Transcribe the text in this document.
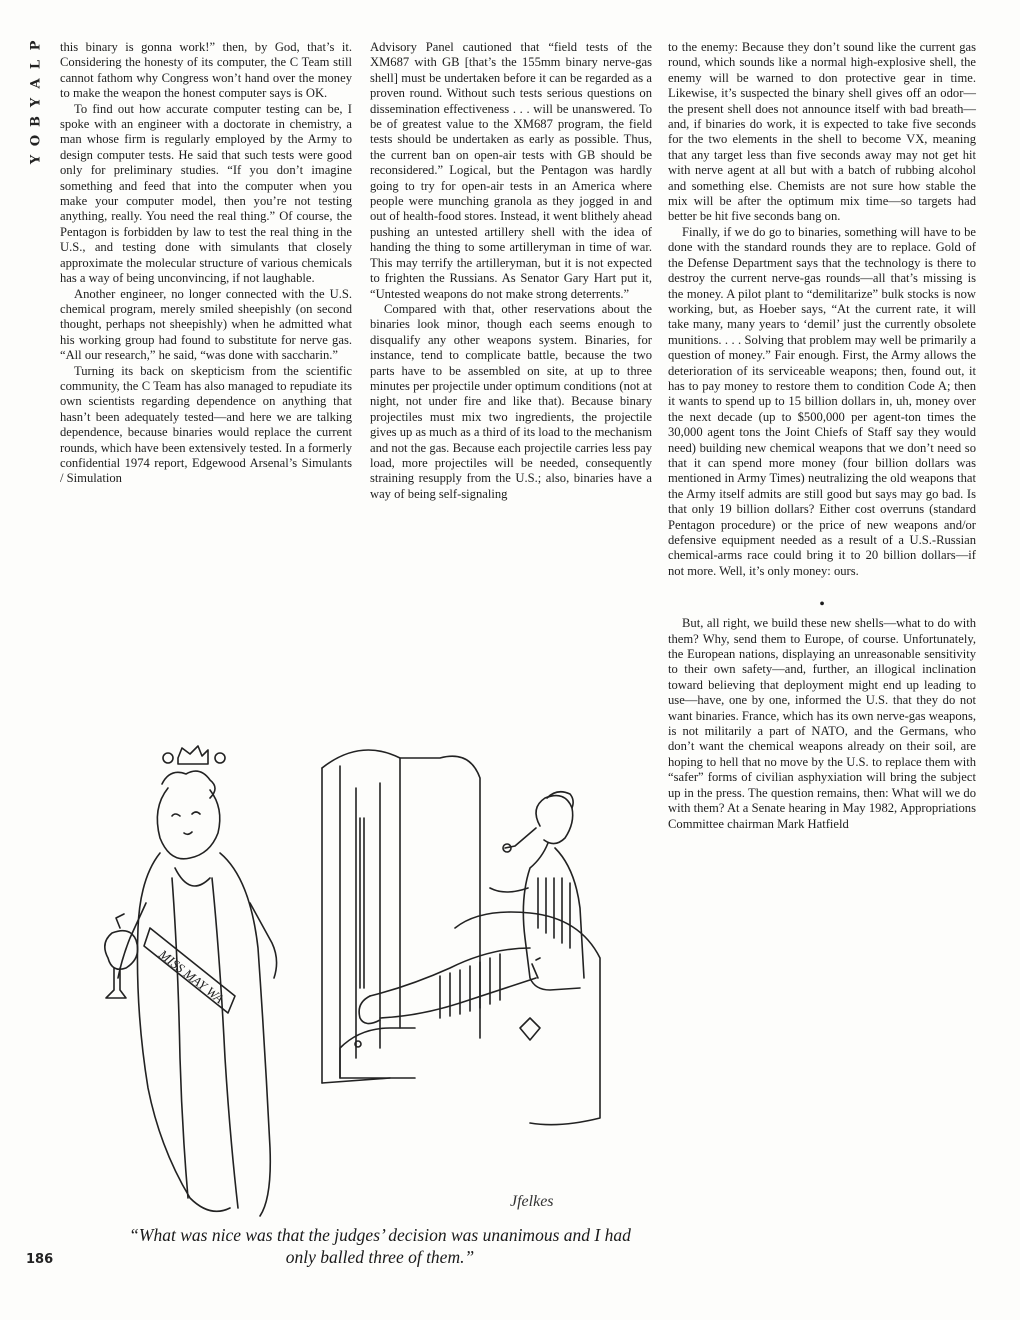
P
L
A
Y
B
O
Y

this binary is gonna work!” then, by God, that’s it. Considering the honesty of its computer, the C Team still cannot fathom why Congress won’t hand over the money to make the weapon the honest computer says is OK.

To find out how accurate computer testing can be, I spoke with an engineer with a doctorate in chemistry, a man whose firm is regularly employed by the Army to design computer tests. He said that such tests were good only for preliminary studies. “If you don’t imagine something and feed that into the computer when you make your computer model, then you’re not testing anything, really. You need the real thing.” Of course, the Pentagon is forbidden by law to test the real thing in the U.S., and testing done with simulants that closely approximate the molecular structure of various chemicals has a way of being unconvincing, if not laughable.

Another engineer, no longer connected with the U.S. chemical program, merely smiled sheepishly (on second thought, perhaps not sheepishly) when he admitted what his working group had found to substitute for nerve gas. “All our research,” he said, “was done with saccharin.”

Turning its back on skepticism from the scientific community, the C Team has also managed to repudiate its own scientists regarding dependence on anything that hasn’t been adequately tested—and here we are talking dependence, because binaries would replace the current rounds, which have been extensively tested. In a formerly confidential 1974 report, Edgewood Arsenal’s Simulants / Simulation

Advisory Panel cautioned that “field tests of the XM687 with GB [that’s the 155mm binary nerve-gas shell] must be undertaken before it can be regarded as a proven round. Without such tests serious questions on dissemination effectiveness . . . will be unanswered. To be of greatest value to the XM687 program, the field tests should be undertaken as early as possible. Thus, the current ban on open-air tests with GB should be reconsidered.” Logical, but the Pentagon was hardly going to try for open-air tests in an America where people were munching granola as they jogged in and out of health-food stores. Instead, it went blithely ahead pushing an untested artillery shell with the idea of handing the thing to some artilleryman in time of war. This may terrify the artilleryman, but it is not expected to frighten the Russians. As Senator Gary Hart put it, “Untested weapons do not make strong deterrents.”

Compared with that, other reservations about the binaries look minor, though each seems enough to disqualify any other weapons system. Binaries, for instance, tend to complicate battle, because the two parts have to be assembled on site, at up to three minutes per projectile under optimum conditions (not at night, not under fire and like that). Because binary projectiles must mix two ingredients, the projectile gives up as much as a third of its load to the mechanism and not the gas. Because each projectile carries less pay load, more projectiles will be needed, consequently straining resupply from the U.S.; also, binaries have a way of being self-signaling

to the enemy: Because they don’t sound like the current gas round, which sounds like a normal high-explosive shell, the enemy will be warned to don protective gear in time. Likewise, it’s suspected the binary shell gives off an odor—the present shell does not announce itself with bad breath—and, if binaries do work, it is expected to take five seconds for the two elements in the shell to become VX, meaning that any target less than five seconds away may not get hit with nerve agent at all but with a batch of rubbing alcohol and something else. Chemists are not sure how stable the mix will be after the optimum mix time—so targets had better be hit five seconds bang on.

Finally, if we do go to binaries, something will have to be done with the standard rounds they are to replace. Gold of the Defense Department says that the technology is there to destroy the current nerve-gas rounds—all that’s missing is the money. A pilot plant to “demilitarize” bulk stocks is now working, but, as Hoeber says, “At the current rate, it will take many, many years to ‘demil’ just the currently obsolete munitions. . . . Solving that problem may well be primarily a question of money.” Fair enough. First, the Army allows the deterioration of its serviceable weapons; then, found out, it has to pay money to restore them to condition Code A; then it wants to spend up to 15 billion dollars in, uh, money over the next decade (up to $500,000 per agent-ton times the 30,000 agent tons the Joint Chiefs of Staff say they would need) building new chemical weapons that we don’t need so that it can spend more money (four billion dollars was mentioned in Army Times) neutralizing the old weapons that the Army itself admits are still good but says may go bad. Is that only 19 billion dollars? Either cost overruns (standard Pentagon procedure) or the price of new weapons and/or defensive equipment needed as a result of a U.S.-Russian chemical-arms race could bring it to 20 billion dollars—if not more. Well, it’s only money: ours.

•

But, all right, we build these new shells—what to do with them? Why, send them to Europe, of course. Unfortunately, the European nations, displaying an unreasonable sensitivity to their own safety—and, further, an illogical inclination toward believing that deployment might end up leading to use—have, one by one, informed the U.S. that they do not want binaries. France, which has its own nerve-gas weapons, is not militarily a part of NATO, and the Germans, who don’t want the chemical weapons already on their soil, are hoping to hell that no move by the U.S. to replace them with “safer” forms of civilian asphyxiation will bring the subject up in the press. The question remains, then: What will we do with them? At a Senate hearing in May 1982, Appropriations Committee chairman Mark Hatfield

MISS MAY WA
Jfelkes
“What was nice was that the judges’ decision was unanimous and I had only balled three of them.”
186
